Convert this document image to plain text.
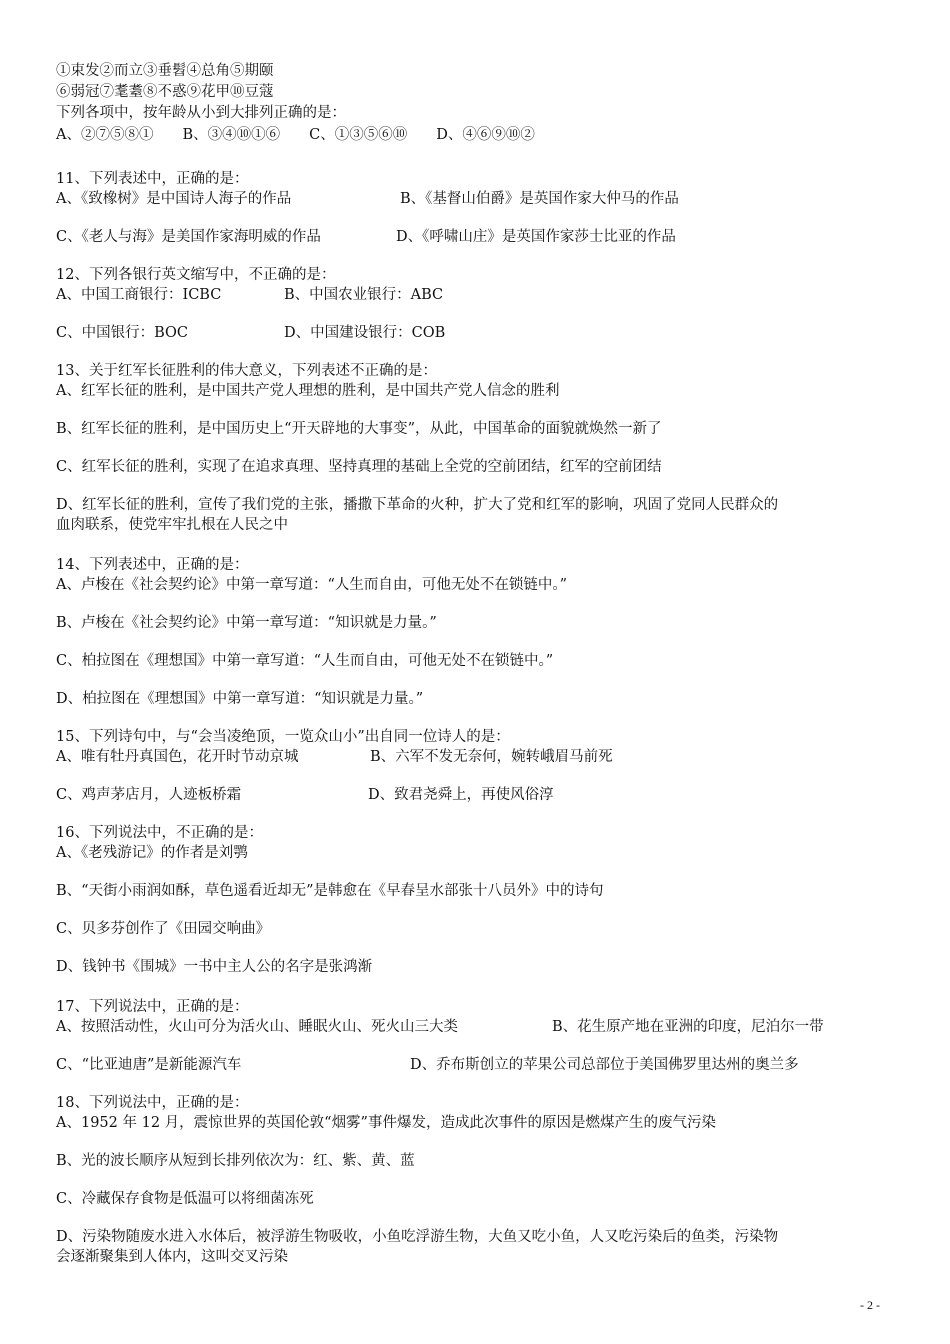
①束发②而立③垂髫④总角⑤期颐
⑥弱冠⑦耄耋⑧不惑⑨花甲⑩豆蔻
下列各项中，按年龄从小到大排列正确的是：
A、②⑦⑤⑧①　　B、③④⑩①⑥　　C、①③⑤⑥⑩　　D、④⑥⑨⑩②
11、下列表述中，正确的是：
A、《致橡树》是中国诗人海子的作品	B、《基督山伯爵》是英国作家大仲马的作品
C、《老人与海》是美国作家海明威的作品	D、《呼啸山庄》是英国作家莎士比亚的作品
12、下列各银行英文缩写中，不正确的是：
A、中国工商银行：ICBC	B、中国农业银行：ABC
C、中国银行：BOC	D、中国建设银行：COB
13、关于红军长征胜利的伟大意义，下列表述不正确的是：
A、红军长征的胜利，是中国共产党人理想的胜利，是中国共产党人信念的胜利
B、红军长征的胜利，是中国历史上“开天辟地的大事变”，从此，中国革命的面貌就焕然一新了
C、红军长征的胜利，实现了在追求真理、坚持真理的基础上全党的空前团结，红军的空前团结
D、红军长征的胜利，宣传了我们党的主张，播撒下革命的火种，扩大了党和红军的影响，巩固了党同人民群众的
血肉联系，使党牢牢扎根在人民之中
14、下列表述中，正确的是：
A、卢梭在《社会契约论》中第一章写道：“人生而自由，可他无处不在锁链中。”
B、卢梭在《社会契约论》中第一章写道：“知识就是力量。”
C、柏拉图在《理想国》中第一章写道：“人生而自由，可他无处不在锁链中。”
D、柏拉图在《理想国》中第一章写道：“知识就是力量。”
15、下列诗句中，与“会当凌绝顶，一览众山小”出自同一位诗人的是：
A、唯有牡丹真国色，花开时节动京城	B、六军不发无奈何，婉转峨眉马前死
C、鸡声茅店月，人迹板桥霜	D、致君尧舜上，再使风俗淳
16、下列说法中，不正确的是：
A、《老残游记》的作者是刘鹗
B、“天街小雨润如酥，草色遥看近却无”是韩愈在《早春呈水部张十八员外》中的诗句
C、贝多芬创作了《田园交响曲》
D、钱钟书《围城》一书中主人公的名字是张鸿渐
17、下列说法中，正确的是：
A、按照活动性，火山可分为活火山、睡眠火山、死火山三大类	B、花生原产地在亚洲的印度，尼泊尔一带
C、“比亚迪唐”是新能源汽车	D、乔布斯创立的苹果公司总部位于美国佛罗里达州的奥兰多
18、下列说法中，正确的是：
A、1952 年 12 月，震惊世界的英国伦敦“烟雾”事件爆发，造成此次事件的原因是燃煤产生的废气污染
B、光的波长顺序从短到长排列依次为：红、紫、黄、蓝
C、冷藏保存食物是低温可以将细菌冻死
D、污染物随废水进入水体后，被浮游生物吸收，小鱼吃浮游生物，大鱼又吃小鱼，人又吃污染后的鱼类，污染物
会逐渐聚集到人体内，这叫交叉污染
- 2 -
